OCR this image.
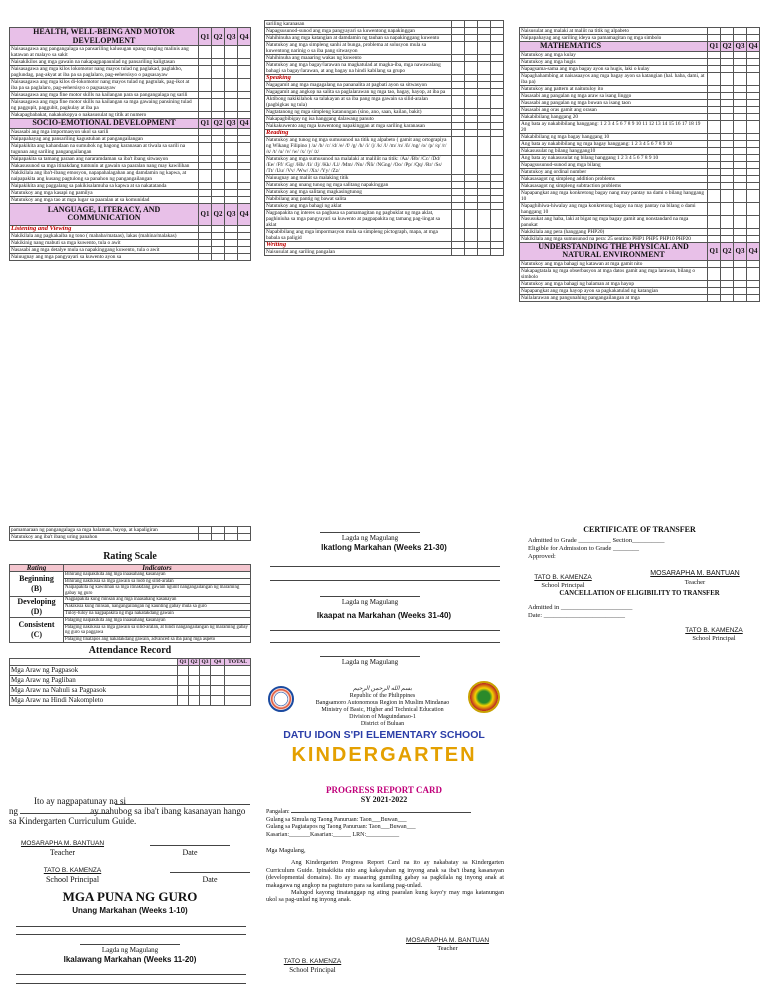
HEALTH, WELL-BEING AND MOTOR DEVELOPMENT	Q1	Q2	Q3	Q4
Naisasagawa ang pangangalaga sa pansariling kalusugan upang maging malinis ang katawan at malayo sa sakit				
Naisakikilos ang mga gawain na nakapagpapaunlad ng pansariling kaligtasan				
Naisasagawa ang mga kilos lokomotor nang mayos tulad ng paglakad, paglakbo, paglundag, pag-akyat at iba pa sa paglalaro, pag-eehersisyo o pagsasayaw				
Naisasagawa ang mga kilos di-lokomotor nang mayos tulad ng pagtulak, pag-ikot at iba pa sa paglalaro, pag-eehersisyo o pagsasayaw				
Naisasagawa ang mga fine motor skills na kailangan para sa pangangalaga ng sarili				
Naisasagawa ang mga fine motor skills na kailangan sa mga gawaing pansining tulad ng paggupit, paggubit, pagkulay at iba pa				
Nakapagbabakat, nakakokopya o nakasusulat ng titik at numero				
SOCIO-EMOTIONAL DEVELOPMENT	Q1	Q2	Q3	Q4
Nasasabi ang mga impormasyon ukol sa sarili				
Naipapahayag ang pansariling kagustuhan at pangangailangan				
Naipakikita ang kahandaan na sumubok ng bagong karanasan at tiwala sa sarili na tugunan ang sariling pangangailangan				
Naipapakita sa tamang paraan ang nararamdaman sa iba't ibang sitwasyon				
Nakasusunod sa mga itinakdang tuntunin at gawain sa paaralan nang may kawilihan				
Nakikilala ang iba't-ibang emosyon, napapahalagahan ang damdamin ng kapwa, at naipapakita ang kusang pagtulong sa panahon ng pangangailangan				
Naipakikita ang paggalang sa pakikisalamuha sa kapwa at sa nakatatanda				
Natutukoy ang mga kasapi ng pamilya				
Natutukoy ang mga tao at mga lugar sa paaralan at sa komunidad				
LANGUAGE, LITERACY, AND COMMUNICATION	Q1	Q2	Q3	Q4
Listening and Viewing				
Nakikilala ang pagkakaiba ng tono ( mababa/mataas), lakas (mahina/malakas)				
Nakikinig nang mabuti sa mga kuwento, tula o awit				
Nasasabi ang mga detalye mula sa napakinggang kuwento, tula o awit				
Naiuugnay ang mga pangyayari sa kuwento ayon sa				
sariling karanasan				
Napagsusunod-sunod ang mga pangyayari sa kuwentong napakinggan				
Nahihinuha ang mga katangian at damdamin ng tauhan sa napakinggang kuwento				
Natutukoy ang mga simpleng sanhi at bunga, problema at solusyon mula sa kuwentong narinig o sa iba pang sitwasyon				
Nahihinuha ang maaaring wakas ng kuwento				
Natutukoy ang mga bagay/larawan na magkatulad at magka-iba, mga nawawalang bahagi sa bagay/larawan, at ang bagay na hindi kabilang sa grupo				
Speaking				
Nagagamit ang mga magagalang na pananalita at pagbati ayon sa sitwasyon				
Nagagamit ang angkop na salita sa paglalarawan ng mga tao, bagay, hayop, at iba pa				
Aktibong nakikilahok sa talakayan at sa iba pang mga gawain sa silid-aralan (pagbigkas ng tula)				
Nagtatanong ng mga simpleng katanungan (sino, ano, saan, kailan, bakit)				
Nakapagbibigay ng isa hanggang dalawang panuto				
Naikakuwento ang mga kuwentong napakinggan at mga sariling karanasan				
Reading				
Natutukoy ang tunog ng mga sumusunod na titik ng alpabeto ( gamit ang ortograpiya ng Wikang Filipino ) /a/ /b/ /c/ /d/ /e/ /f/ /g/ /h/ /i/ /j/ /k/ /l/ /m/ /n/ /ñ/ /ng/ /o/ /p/ /q/ /r/ /s/ /t/ /u/ /v/ /w/ /x/ /y/ /z/				
Natutukoy ang mga sumusunod na malalaki at maliliit na titik: /Aa/ /Bb/ /Cc/ /Dd/ /Ee/ /Ff/ /Gg/ /Hh/ /Ii/ /Jj/ /Kk/ /Ll/ /Mm/ /Nn/ /Ññ/ /NGng/ /Oo/ /Pp/ /Qq/ /Rr/ /Ss/ /Tt/ /Uu/ /Vv/ /Ww/ /Xx/ /Yy/ /Zz/				
Naiuugnay ang maliit sa malaking titik				
Natutukoy ang unang tunog ng mga salitang napakinggan				
Natutukoy ang mga salitang magkasingtunog				
Nabibilang ang pantig ng bawat salita				
Natutukoy ang mga bahagi ng aklat				
Nagpapakita ng interes sa pagbasa sa pamamagitan ng pagbuklat ng mga aklat, paghiniuha sa mga pangyayari sa kuwento at pagpapakita ng tamang pag-iingat sa aklat				
Napabibilang ang mga impormasyon mula sa simpleng pictograph, mapa, at mga babala sa paligid				
Writing				
Naisusulat ang sariling pangalan				
Naisusulat ang malaki at maliit na titik ng alpabeto				
Naipapahayag ang sariling ideya sa pamamagitan ng mga simbolo				
MATHEMATICS	Q1	Q2	Q3	Q4
Natutukoy ang mga kulay				
Natutukoy ang mga hugis				
Napagsama-sama ang mga bagay ayon sa hugis, laki o kulay				
Napaghahambing at naisasaayos ang mga bagay ayon sa katangian (hal. haba, dami, at iba pa)				
Natutukoy ang pattern at naitutuloy ito				
Nasasabi ang pangalan ng mga araw sa isang linggo				
Nasasabi ang pangalan ng mga buwan sa isang taon				
Nasasabi ang oras gamit ang orasan				
Nakabibilang hanggang 20				
Ang bata ay nakabibilang hanggang: 1 2 3 4 5 6 7 8 9 10 11 12 13 14 15 16 17 18 19 20				
Nakabibilang ng mga bagay hanggang 10				
Ang bata ay nakabibilang ng mga bagay hanggang: 1 2 3 4 5 6 7 8 9 10				
Nakasusulat ng bilang hanggang10				
Ang bata ay nakasusulat ng bilang hanggang 1 2 3 4 5 6 7 8 9 10				
Napagsusunud-sunod ang mga bilang				
Natutukoy ang ordinal number				
Nakasasagot ng simpleng addition problems				
Nakasasagot ng simpleng subtraction problems				
Napapangkat ang mga konkretong bagay nang may pantay na dami o bilang hanggang 10				
Napaghihiwa-hiwalay ang mga konkretong bagay na may pantay na bilang o dami hanggang 10				
Nasusukat ang haba, laki at bigat ng mga bagay gamit ang nonstandard na mga panukat				
Nakikilala ang pera (hanggang PHP20)				
Nakikilala ang mga sumusunod na pera: 25 sentimo PHP1 PHP5 PHP10 PHP20				
UNDERSTANDING THE PHYSICAL AND NATURAL ENVIRONMENT	Q1	Q2	Q3	Q4
Natutukoy ang mga bahagi ng katawan at mga gamit nito				
Nakapagtatala ng mga obserbasyon at mga datos gamit ang mga larawan, bilang o simbolo				
Natutukoy ang mga bahagi ng halaman at mga hayop				
Napapangkat ang mga hayop ayon sa pagkakatulad ng katangian				
Nailalarawan ang pangunahing pangangailangan at mga				
pamamaraan ng pangangalaga sa mga halaman, hayop, at kapaligiran				
Natutukoy ang iba't ibang uring panahon				
Rating Scale
Rating	Indicators

Beginning
(B)	Bihirang naipakikita ang mga inaasahang kasanayan
	Bihirang nakikisia sa mga gawain sa loob ng silid-aralan
	Naipapakita ng kawilihan sa mga itinakdang gawain ngunit nangangailangan ng maraming gabay ng guro

Developing
(D)	Nagpapakita kung minsan ang mga inaasahang kasanayan
	Nakikisia kung minsan, nangangailangan ng kaunting gabay mula sa guro
	Tuloy-tuloy na nagpapakita ng mga nakatakdang gawain

Consistent
(C)	Palaging naipakikita ang mga inaasahang kasanayan
	Palaging nakikisia sa mga gawain sa silid-aralan, at hindi nangangailangan ng maraming gabay ng guro sa paggawa
	Palaging tinatapos ang nakatakdang gawain, advanced sa iba pang mga aspeto
Attendance Record
	Q1	Q2	Q3	Q4	TOTAL
Mga Araw ng Pagpasok					
Mga Araw ng Pagliban					
Mga Araw na Nahuli sa Pagpasok					
Mga Araw na Hindi Nakompleto					
Ito ay nagpapatunay na si
ng	ay nahubog sa iba't ibang kasanayan hango sa Kindergarten Curriculum Guide.
MOSARAPHA M. BANTUAN
Teacher	Date
TATO B. KAMENZA
School Principal	Date
MGA PUNA NG GURO
Unang Markahan (Weeks 1-10)
Lagda ng Magulang
Ikalawang Markahan (Weeks 11-20)
Lagda ng Magulang
Ikatlong Markahan (Weeks 21-30)
Lagda ng Magulang
Ikaapat na Markahan (Weeks 31-40)
Lagda ng Magulang
بسم الله الرحمن الرحيم
Republic of the Philippines
Bangsamoro Autonomous Region in Muslim Mindanao
Ministry of Basic, Higher and Technical Education
Division of Maguindanao-1
District of Buluan
DATU IDON S'PI ELEMENTARY SCHOOL
KINDERGARTEN
PROGRESS REPORT CARD
SY 2021-2022
Pangalan:
Gulang sa Simula ng Taong Panuruan: Taon___Buwan___
Gulang sa Pagtatapos ng Taong Panuruan: Taon___Buwan___
Kasarian:_______Kasarian:______ LRN:___________
Mga Magulang,
Ang Kindergarten Progress Report Card na ito ay nakabatay sa Kindergarten Curriculum Guide. Ipinakikita nito ang kakayahan ng inyong anak sa iba't ibang kasanayan (developmental domains). Ito ay maaaring gumiling gabay sa pagkilala ng inyong anak at makagawa ng angkop na pagtuturo para sa kanilang pag-unlad.
Malugod kayong tinatanggap ng ating paaralan kung kayo'y may mga katanungan ukol sa pag-unlad ng inyong anak.
MOSARAPHA M. BANTUAN
Teacher
TATO B. KAMENZA
School Principal
CERTIFICATE OF TRANSFER
Admitted to Grade __________ Section__________
Eligible for Admission to Grade ________
Approved:
TATO B. KAMENZA
School Principal
MOSARAPHA M. BANTUAN
Teacher
CANCELLATION OF ELIGIBILITY TO TRANSFER
Admitted in ______________________
Date: _________________________
TATO B. KAMENZA
School Principal
